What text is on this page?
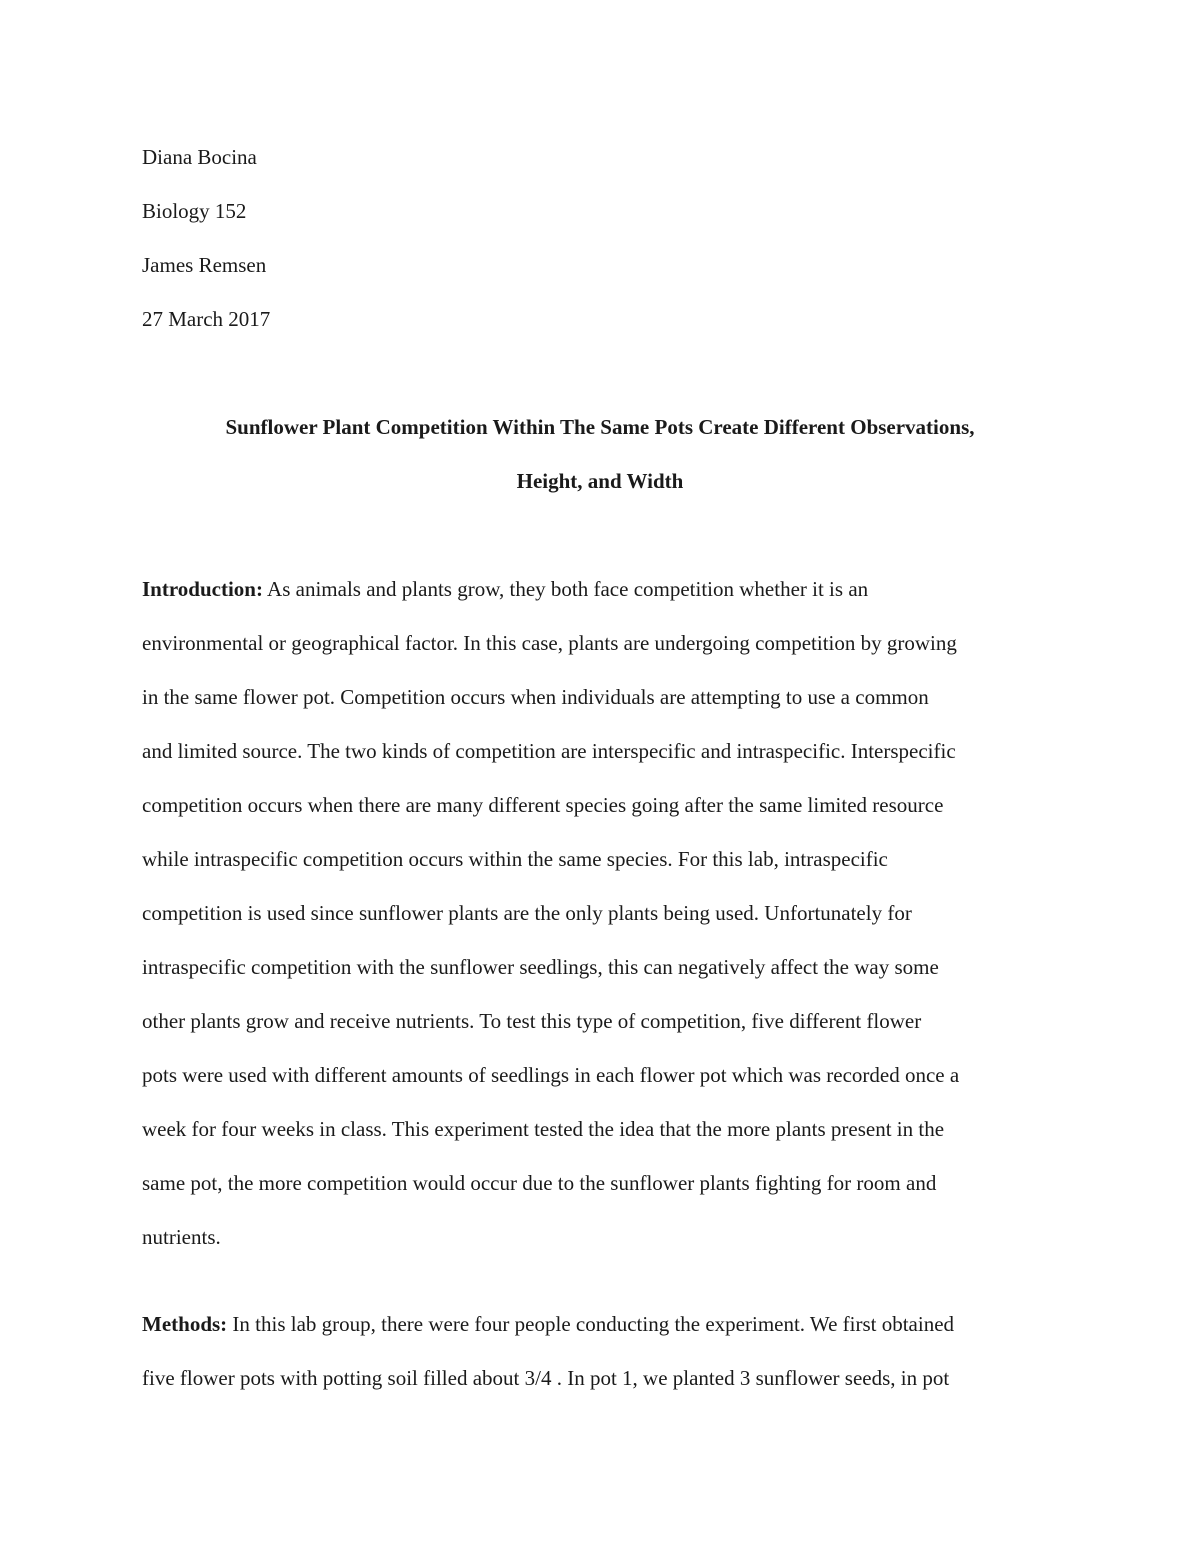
Diana Bocina
Biology 152
James Remsen
27 March 2017
Sunflower Plant Competition Within The Same Pots Create Different Observations,
Height, and Width
Introduction: As animals and plants grow, they both face competition whether it is an
environmental or geographical factor. In this case, plants are undergoing competition by growing
in the same flower pot. Competition occurs when individuals are attempting to use a common
and limited source. The two kinds of competition are interspecific and intraspecific. Interspecific
competition occurs when there are many different species going after the same limited resource
while intraspecific competition occurs within the same species. For this lab, intraspecific
competition is used since sunflower plants are the only plants being used. Unfortunately for
intraspecific competition with the sunflower seedlings, this can negatively affect the way some
other plants grow and receive nutrients. To test this type of competition, five different flower
pots were used with different amounts of seedlings in each flower pot which was recorded once a
week for four weeks in class. This experiment tested the idea that the more plants present in the
same pot, the more competition would occur due to the sunflower plants fighting for room and
nutrients.
Methods: In this lab group, there were four people conducting the experiment. We first obtained
five flower pots with potting soil filled about 3/4 . In pot 1, we planted 3 sunflower seeds, in pot
